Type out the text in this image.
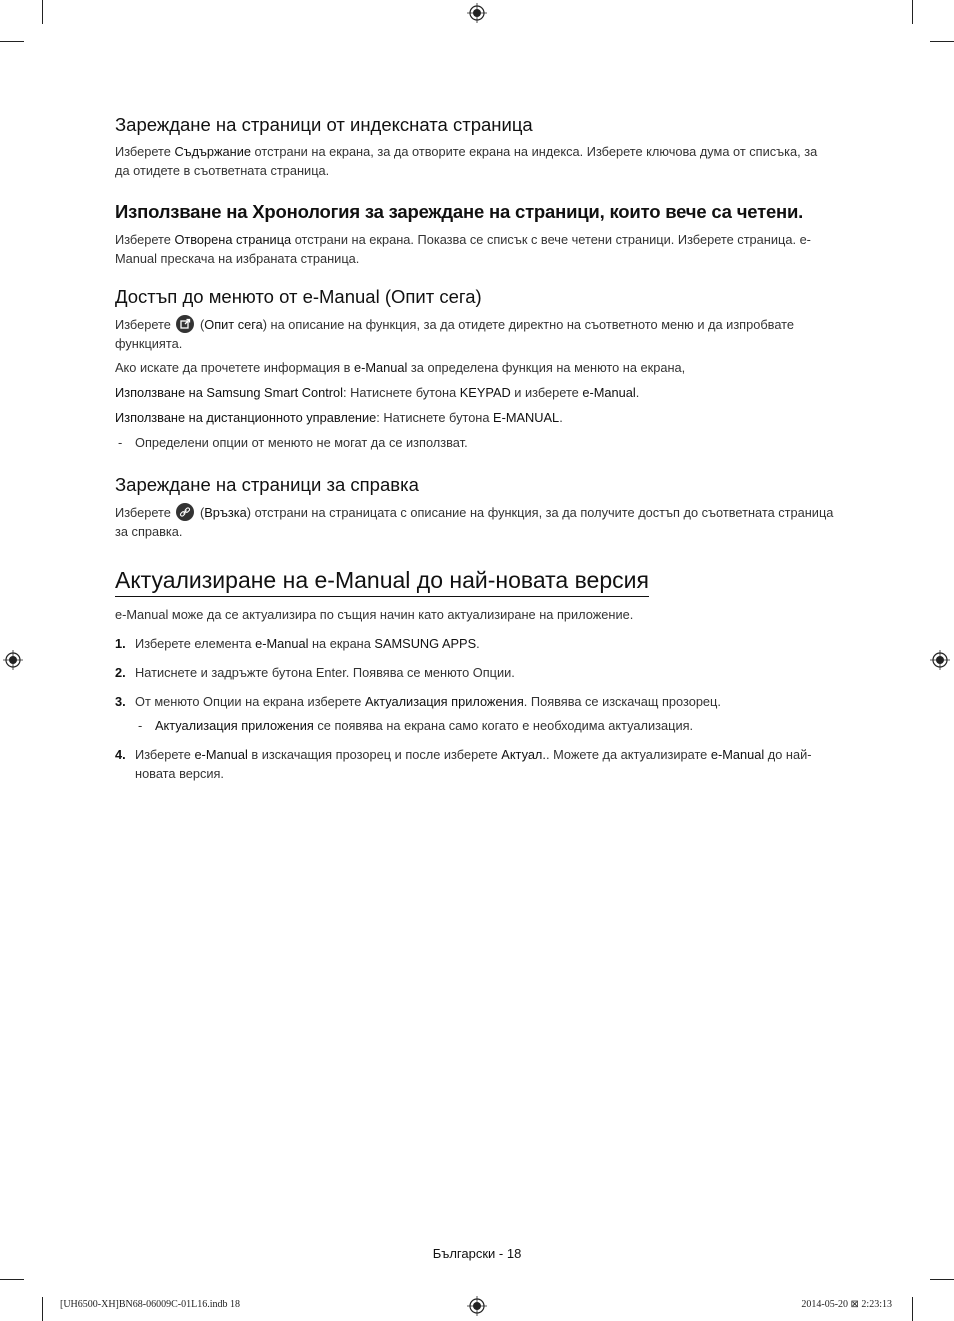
Зареждане на страници от индексната страница

Изберете Съдържание отстрани на екрана, за да отворите екрана на индекса. Изберете ключова дума от списъка, за да отидете в съответната страница.

Използване на Хронология за зареждане на страници, които вече са четени.

Изберете Отворена страница отстрани на екрана. Показва се списък с вече четени страници. Изберете страница. e-Manual прескача на избраната страница.

Достъп до менюто от e-Manual (Опит сега)

Изберете
(Опит сега) на описание на функция, за да отидете директно на съответното меню и да изпробвате функцията.

Ако искате да прочетете информация в e-Manual за определена функция на менюто на екрана,

Използване на Samsung Smart Control: Натиснете бутона KEYPAD и изберете e-Manual.

Използване на дистанционното управление: Натиснете бутона E-MANUAL.

- Определени опции от менюто не могат да се използват.

Зареждане на страници за справка

Изберете
(Връзка) отстрани на страницата с описание на функция, за да получите достъп до съответната страница за справка.

Актуализиране на e-Manual до най-новата версия

e-Manual може да се актуализира по същия начин като актуализиране на приложение.

1. Изберете елемента e-Manual на екрана SAMSUNG APPS.
2. Натиснете и задръжте бутона Enter. Появява се менюто Опции.
3. От менюто Опции на екрана изберете Актуализация приложения. Появява се изскачащ прозорец.
- Актуализация приложения се появява на екрана само когато е необходима актуализация.
4. Изберете e-Manual в изскачащия прозорец и после изберете Актуал.. Можете да актуализирате e-Manual до най-новата версия.
Български - 18
[UH6500-XH]BN68-06009C-01L16.indb 18	2014-05-20 ⊠ 2:23:13
